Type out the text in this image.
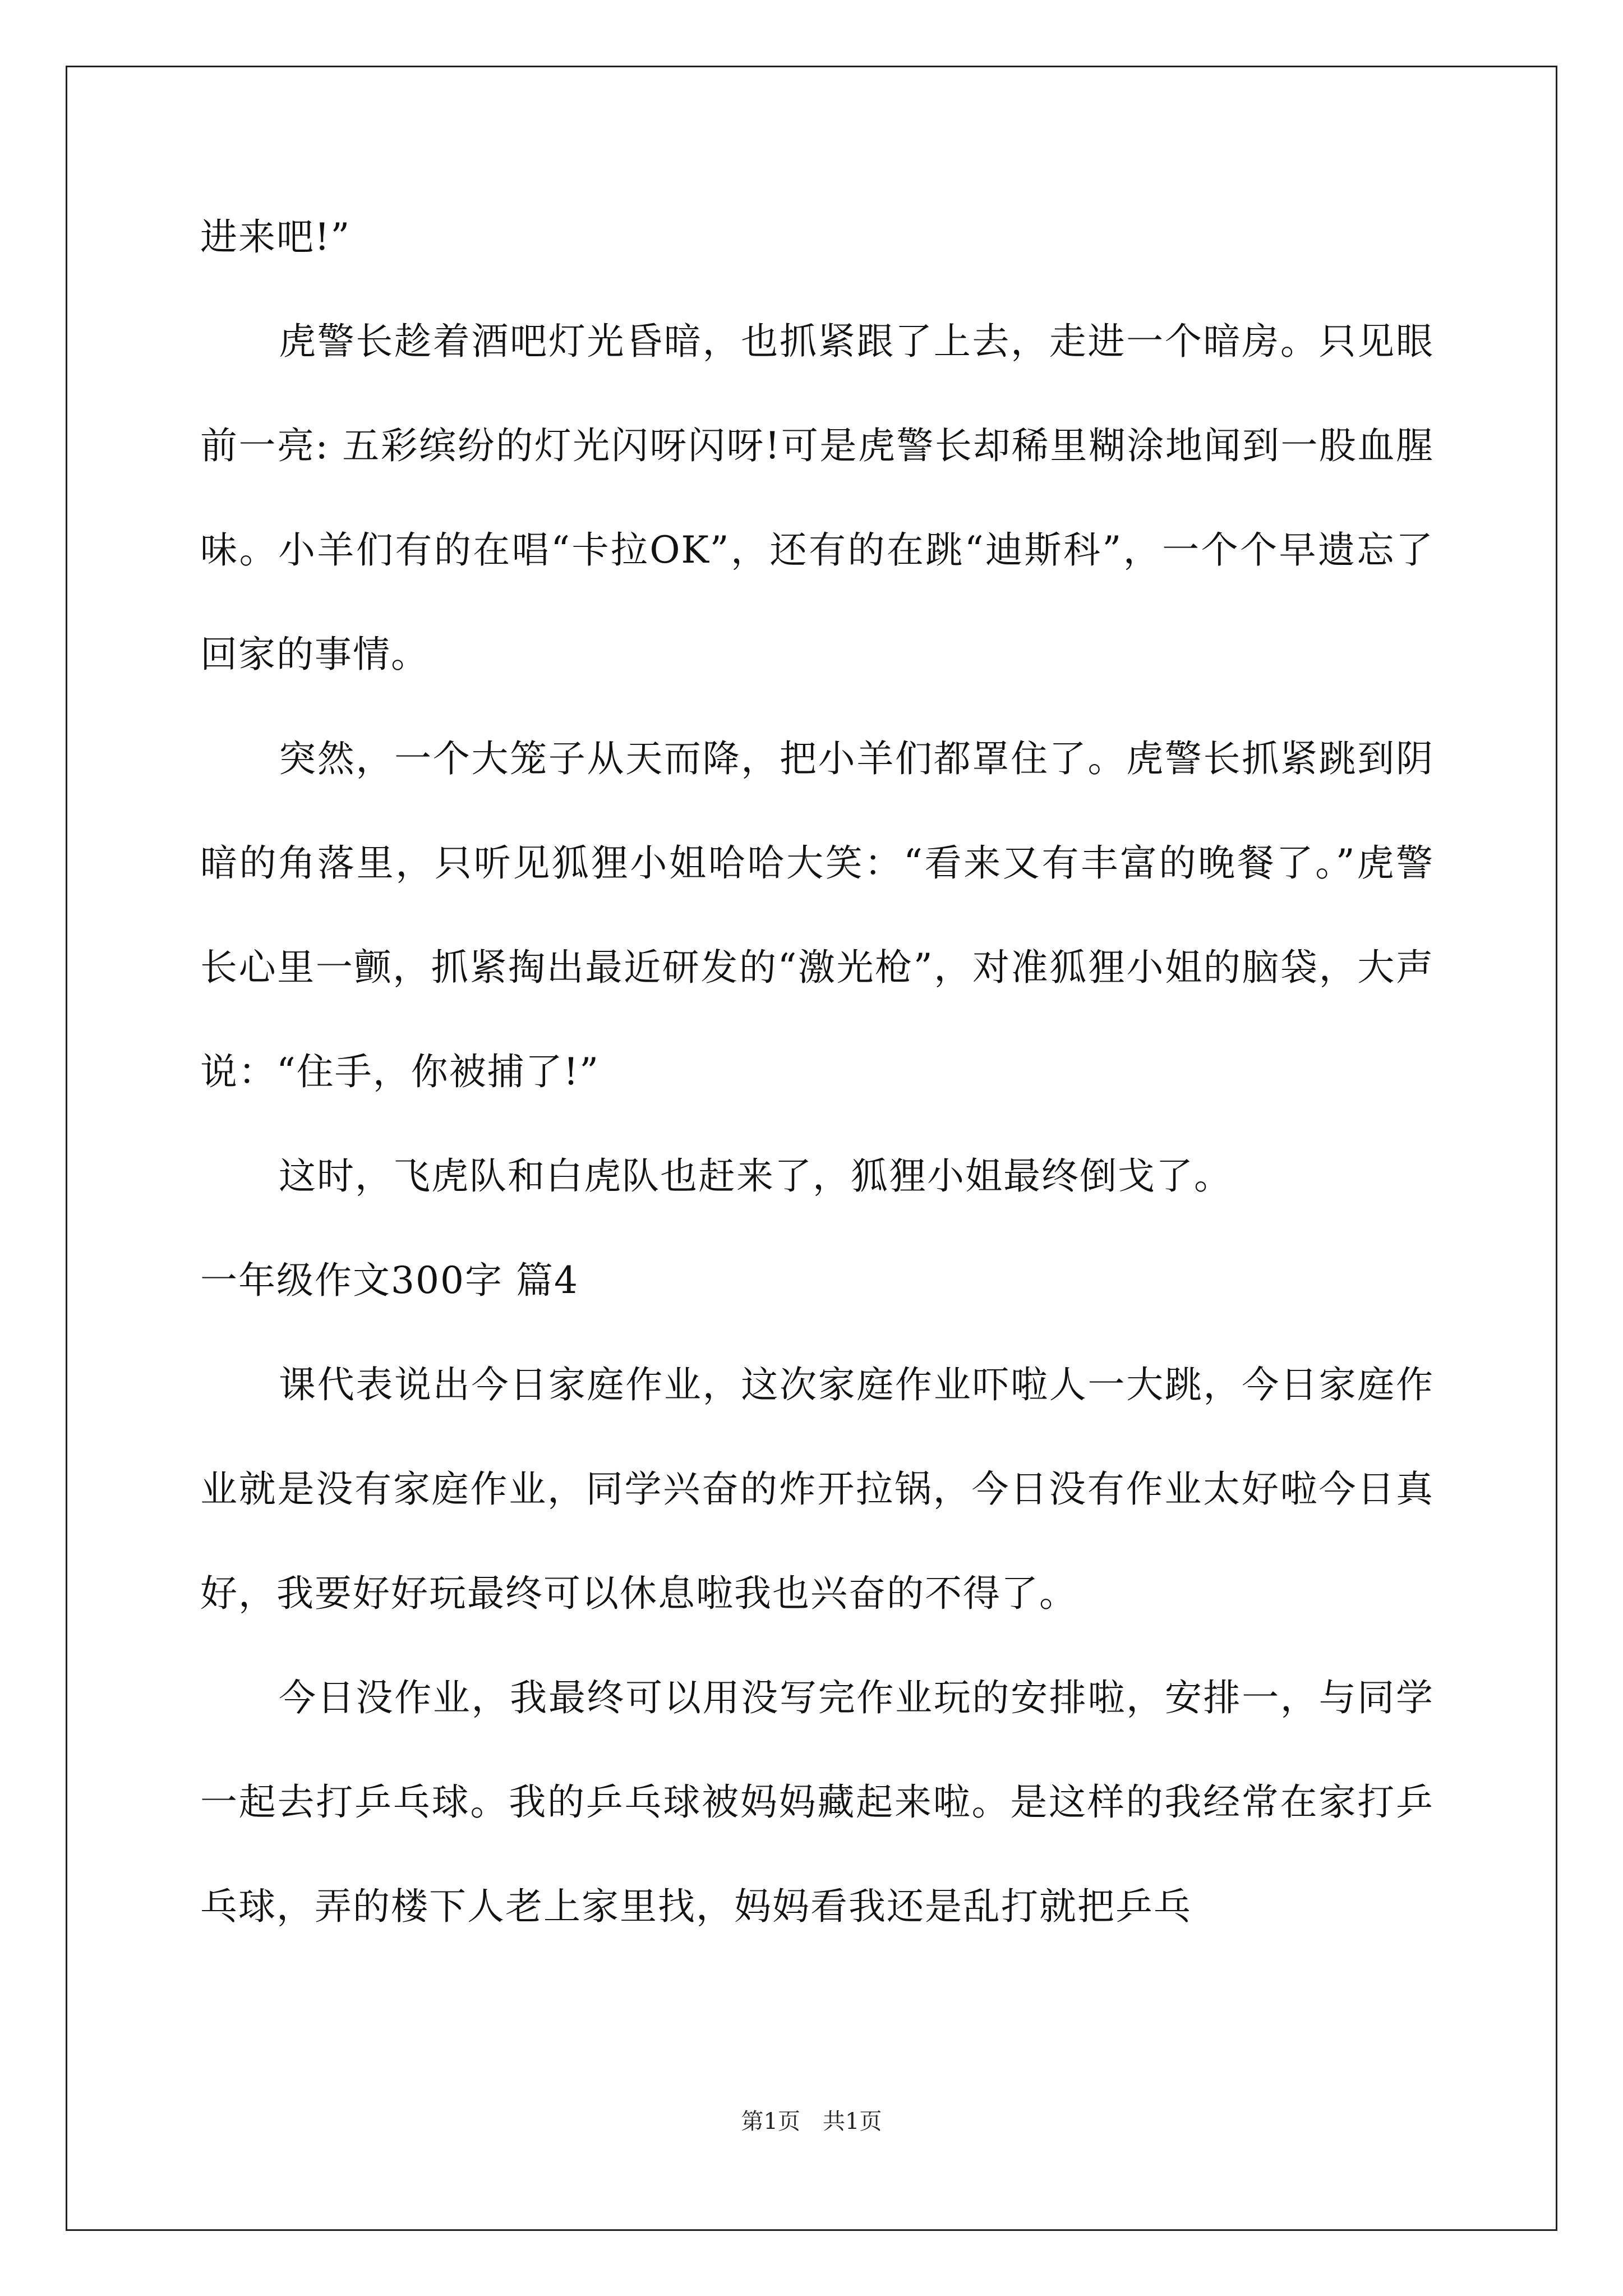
进来吧!”

虎警长趁着酒吧灯光昏暗，也抓紧跟了上去，走进一个暗房。只见眼前一亮: 五彩缤纷的灯光闪呀闪呀!可是虎警长却稀里糊涂地闻到一股血腥味。小羊们有的在唱“卡拉OK”，还有的在跳“迪斯科”，一个个早遗忘了回家的事情。

突然，一个大笼子从天而降，把小羊们都罩住了。虎警长抓紧跳到阴暗的角落里，只听见狐狸小姐哈哈大笑：“看来又有丰富的晚餐了。”虎警长心里一颤，抓紧掏出最近研发的“激光枪”，对准狐狸小姐的脑袋，大声说：“住手，你被捕了!”

这时，飞虎队和白虎队也赶来了，狐狸小姐最终倒戈了。

一年级作文300字 篇4

课代表说出今日家庭作业，这次家庭作业吓啦人一大跳，今日家庭作业就是没有家庭作业，同学兴奋的炸开拉锅，今日没有作业太好啦今日真好，我要好好玩最终可以休息啦我也兴奋的不得了。

今日没作业，我最终可以用没写完作业玩的安排啦，安排一，与同学一起去打乒乓球。我的乒乓球被妈妈藏起来啦。是这样的我经常在家打乒乓球，弄的楼下人老上家里找，妈妈看我还是乱打就把乒乓

第1页　共1页
